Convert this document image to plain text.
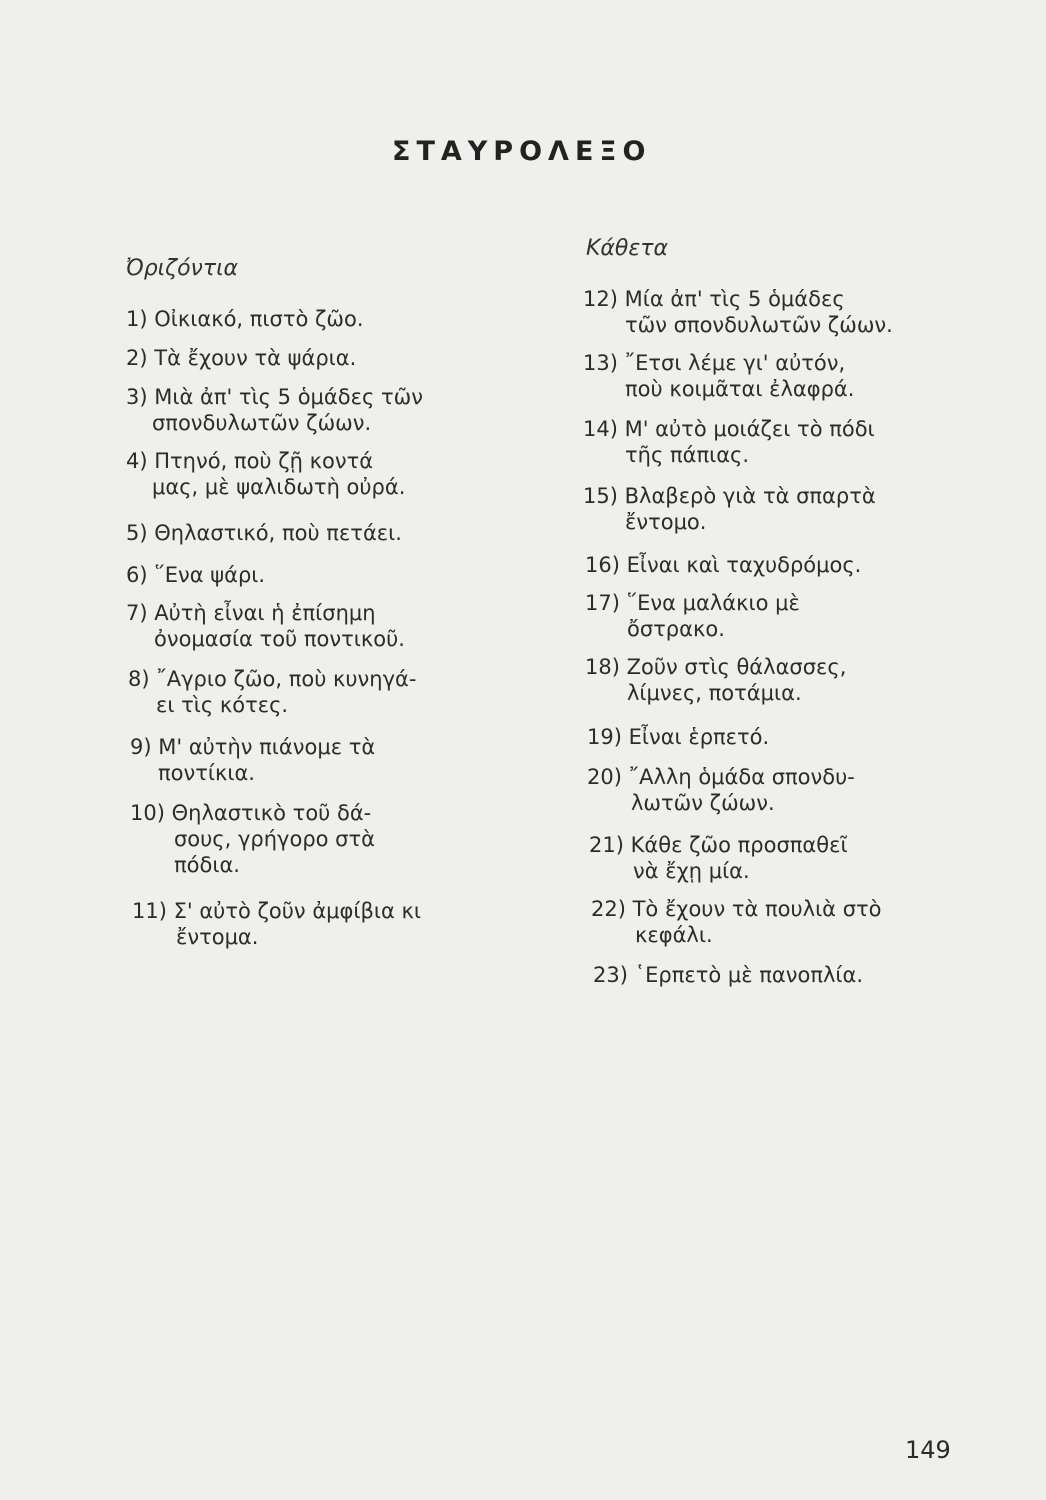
ΣΤΑΥΡΟΛΕΞΟ
Ὀριζόντια
Κάθετα
1) Οἰκιακό, πιστὸ ζῶο.
2) Τὰ ἔχουν τὰ ψάρια.
3) Μιὰ ἀπ' τὶς 5 ὁμάδες τῶν
σπονδυλωτῶν ζώων.
4) Πτηνό, ποὺ ζῇ κοντά
μας, μὲ ψαλιδωτὴ οὐρά.
5) Θηλαστικό, ποὺ πετάει.
6) ῞Ενα ψάρι.
7) Αὐτὴ εἶναι ἡ ἐπίσημη
ὀνομασία τοῦ ποντικοῦ.
8) ῎Αγριο ζῶο, ποὺ κυνηγά-
ει τὶς κότες.
9) Μ' αὐτὴν πιάνομε τὰ
ποντίκια.
10) Θηλαστικὸ τοῦ δά-
σους, γρήγορο στὰ
πόδια.
11) Σ' αὐτὸ ζοῦν ἀμφίβια κι
ἔντομα.
12) Μία ἀπ' τὶς 5 ὁμάδες
τῶν σπονδυλωτῶν ζώων.
13) ῎Ετσι λέμε γι' αὐτόν,
ποὺ κοιμᾶται ἐλαφρά.
14) Μ' αὐτὸ μοιάζει τὸ πόδι
τῆς πάπιας.
15) Βλαβερὸ γιὰ τὰ σπαρτὰ
ἔντομο.
16) Εἶναι καὶ ταχυδρόμος.
17) ῞Ενα μαλάκιο μὲ
ὄστρακο.
18) Ζοῦν στὶς θάλασσες,
λίμνες, ποτάμια.
19) Εἶναι ἑρπετό.
20) ῎Αλλη ὁμάδα σπονδυ-
λωτῶν ζώων.
21) Κάθε ζῶο προσπαθεῖ
νὰ ἔχῃ μία.
22) Τὸ ἔχουν τὰ πουλιὰ στὸ
κεφάλι.
23) ῾Ερπετὸ μὲ πανοπλία.
149
